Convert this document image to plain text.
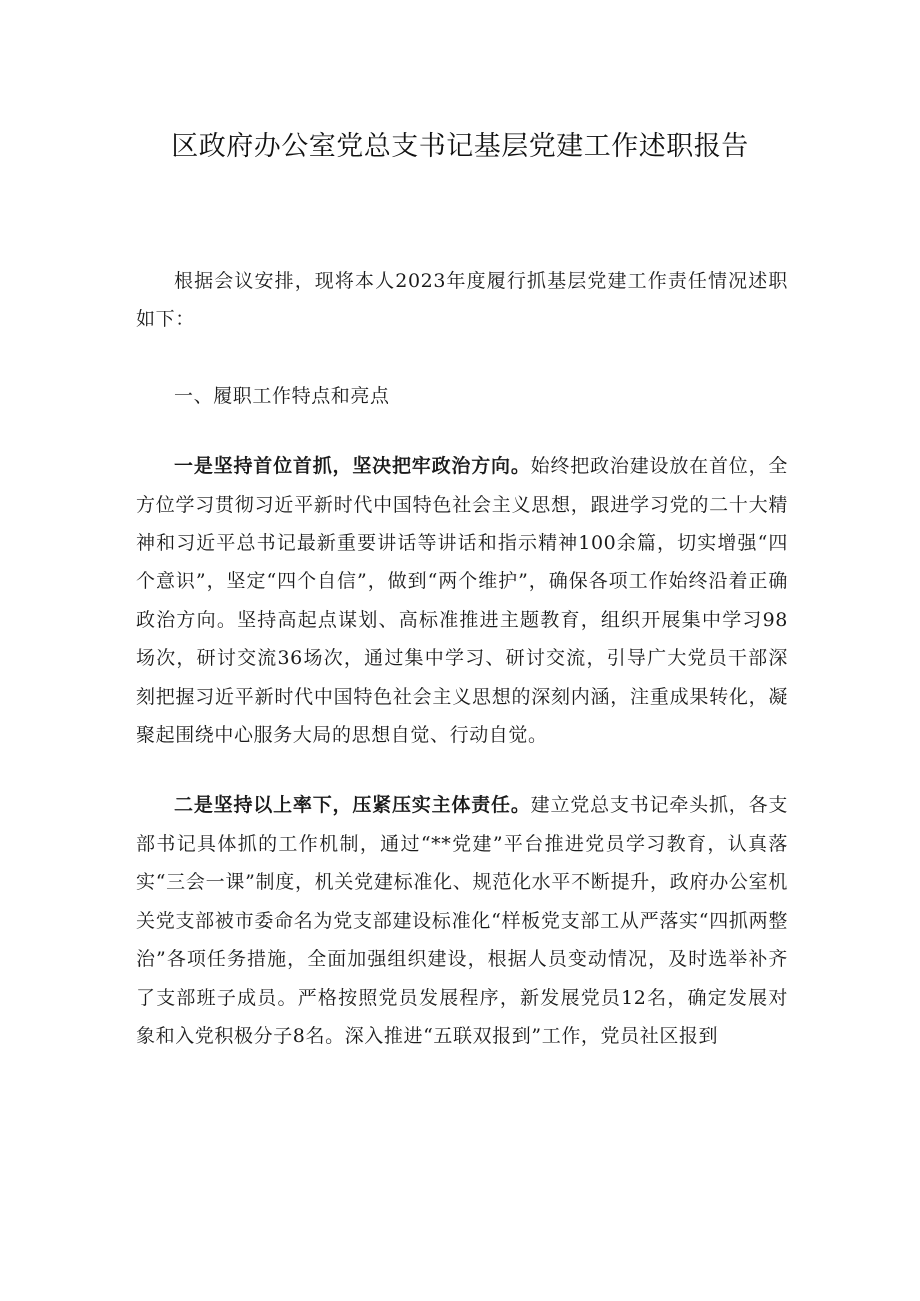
区政府办公室党总支书记基层党建工作述职报告

根据会议安排，现将本人2023年度履行抓基层党建工作责任情况述职如下：

一、履职工作特点和亮点

一是坚持首位首抓，坚决把牢政治方向。始终把政治建设放在首位，全方位学习贯彻习近平新时代中国特色社会主义思想，跟进学习党的二十大精神和习近平总书记最新重要讲话等讲话和指示精神100余篇，切实增强“四个意识”，坚定“四个自信”，做到“两个维护”，确保各项工作始终沿着正确政治方向。坚持高起点谋划、高标准推进主题教育，组织开展集中学习98场次，研讨交流36场次，通过集中学习、研讨交流，引导广大党员干部深刻把握习近平新时代中国特色社会主义思想的深刻内涵，注重成果转化，凝聚起围绕中心服务大局的思想自觉、行动自觉。

二是坚持以上率下，压紧压实主体责任。建立党总支书记牵头抓，各支部书记具体抓的工作机制，通过“**党建”平台推进党员学习教育，认真落实“三会一课”制度，机关党建标准化、规范化水平不断提升，政府办公室机关党支部被市委命名为党支部建设标准化“样板党支部工从严落实“四抓两整治”各项任务措施，全面加强组织建设，根据人员变动情况，及时选举补齐了支部班子成员。严格按照党员发展程序，新发展党员12名，确定发展对象和入党积极分子8名。深入推进“五联双报到”工作，党员社区报到
